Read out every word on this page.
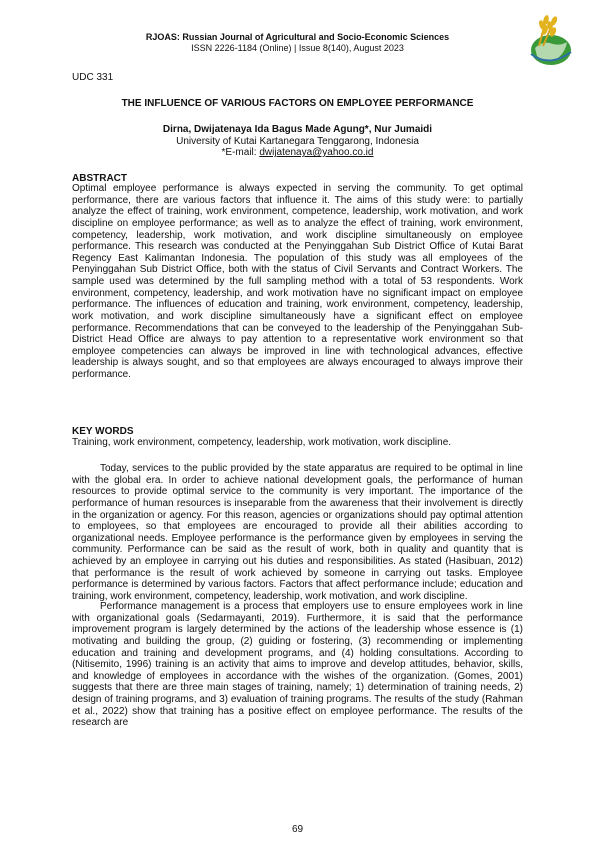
RJOAS: Russian Journal of Agricultural and Socio-Economic Sciences
ISSN 2226-1184 (Online) | Issue 8(140), August 2023
UDC 331
THE INFLUENCE OF VARIOUS FACTORS ON EMPLOYEE PERFORMANCE
Dirna, Dwijatenaya Ida Bagus Made Agung*, Nur Jumaidi
University of Kutai Kartanegara Tenggarong, Indonesia
*E-mail: dwijatenaya@yahoo.co.id
ABSTRACT
Optimal employee performance is always expected in serving the community. To get optimal performance, there are various factors that influence it. The aims of this study were: to partially analyze the effect of training, work environment, competence, leadership, work motivation, and work discipline on employee performance; as well as to analyze the effect of training, work environment, competency, leadership, work motivation, and work discipline simultaneously on employee performance. This research was conducted at the Penyinggahan Sub District Office of Kutai Barat Regency East Kalimantan Indonesia. The population of this study was all employees of the Penyinggahan Sub District Office, both with the status of Civil Servants and Contract Workers. The sample used was determined by the full sampling method with a total of 53 respondents. Work environment, competency, leadership, and work motivation have no significant impact on employee performance. The influences of education and training, work environment, competency, leadership, work motivation, and work discipline simultaneously have a significant effect on employee performance. Recommendations that can be conveyed to the leadership of the Penyinggahan Sub-District Head Office are always to pay attention to a representative work environment so that employee competencies can always be improved in line with technological advances, effective leadership is always sought, and so that employees are always encouraged to always improve their performance.
KEY WORDS
Training, work environment, competency, leadership, work motivation, work discipline.
Today, services to the public provided by the state apparatus are required to be optimal in line with the global era. In order to achieve national development goals, the performance of human resources to provide optimal service to the community is very important. The importance of the performance of human resources is inseparable from the awareness that their involvement is directly in the organization or agency. For this reason, agencies or organizations should pay optimal attention to employees, so that employees are encouraged to provide all their abilities according to organizational needs. Employee performance is the performance given by employees in serving the community. Performance can be said as the result of work, both in quality and quantity that is achieved by an employee in carrying out his duties and responsibilities. As stated (Hasibuan, 2012) that performance is the result of work achieved by someone in carrying out tasks. Employee performance is determined by various factors. Factors that affect performance include; education and training, work environment, competency, leadership, work motivation, and work discipline.
Performance management is a process that employers use to ensure employees work in line with organizational goals (Sedarmayanti, 2019). Furthermore, it is said that the performance improvement program is largely determined by the actions of the leadership whose essence is (1) motivating and building the group, (2) guiding or fostering, (3) recommending or implementing education and training and development programs, and (4) holding consultations. According to (Nitisemito, 1996) training is an activity that aims to improve and develop attitudes, behavior, skills, and knowledge of employees in accordance with the wishes of the organization. (Gomes, 2001) suggests that there are three main stages of training, namely; 1) determination of training needs, 2) design of training programs, and 3) evaluation of training programs. The results of the study (Rahman et al., 2022) show that training has a positive effect on employee performance. The results of the research are
69
